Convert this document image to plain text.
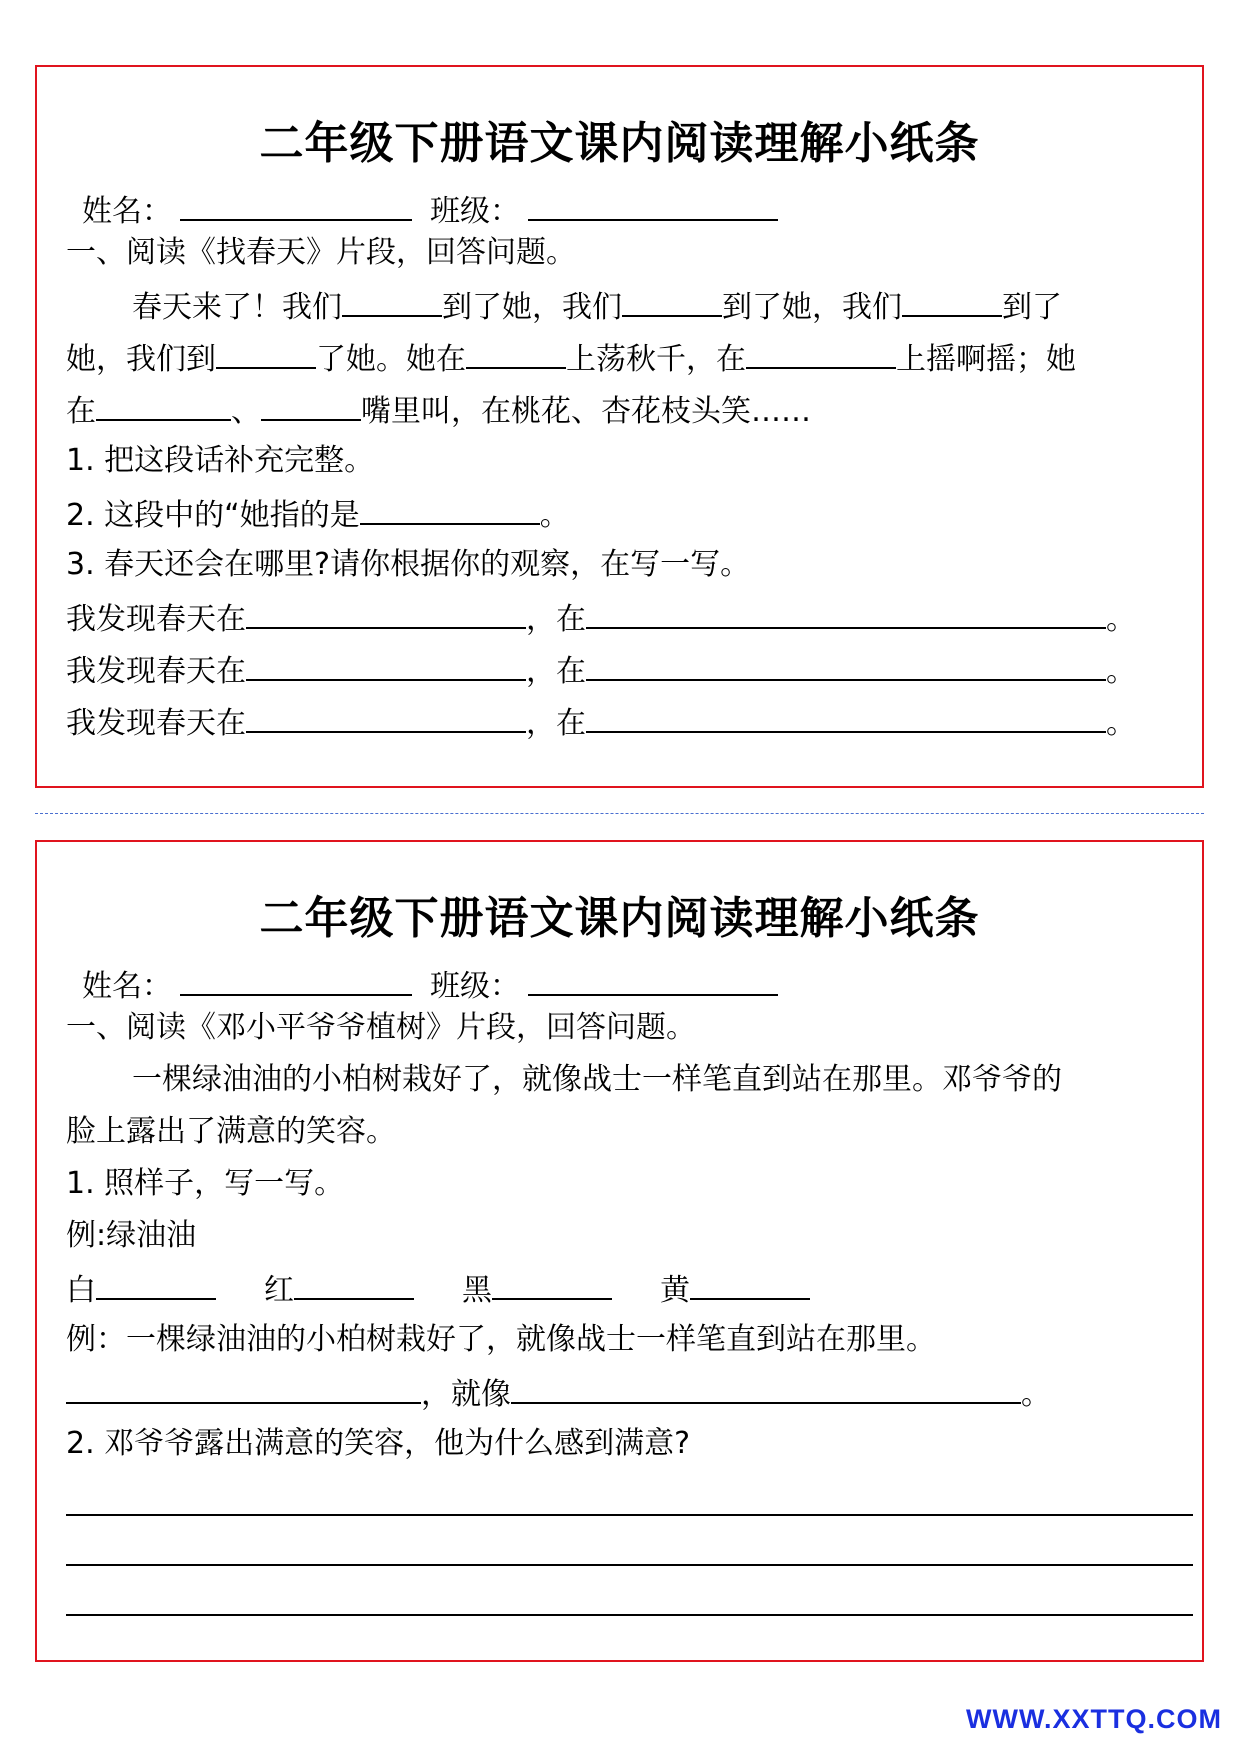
二年级下册语文课内阅读理解小纸条
姓名：	班级：
一、阅读《找春天》片段，回答问题。
春天来了！我们	到了她，我们	到了她，我们	到了
她，我们到	了她。她在	上荡秋千，在	上摇啊摇；她
在	、	嘴里叫，在桃花、杏花枝头笑……
1. 把这段话补充完整。
2. 这段中的“她指的是	。
3. 春天还会在哪里?请你根据你的观察，在写一写。
我发现春天在	，在	。
我发现春天在	，在	。
我发现春天在	，在	。
二年级下册语文课内阅读理解小纸条
姓名：	班级：
一、阅读《邓小平爷爷植树》片段，回答问题。
一棵绿油油的小柏树栽好了，就像战士一样笔直到站在那里。邓爷爷的
脸上露出了满意的笑容。
1. 照样子，写一写。
例:绿油油
白	红	黑	黄
例：一棵绿油油的小柏树栽好了，就像战士一样笔直到站在那里。
，就像	。
2. 邓爷爷露出满意的笑容，他为什么感到满意?
WWW.XXTTQ.COM
